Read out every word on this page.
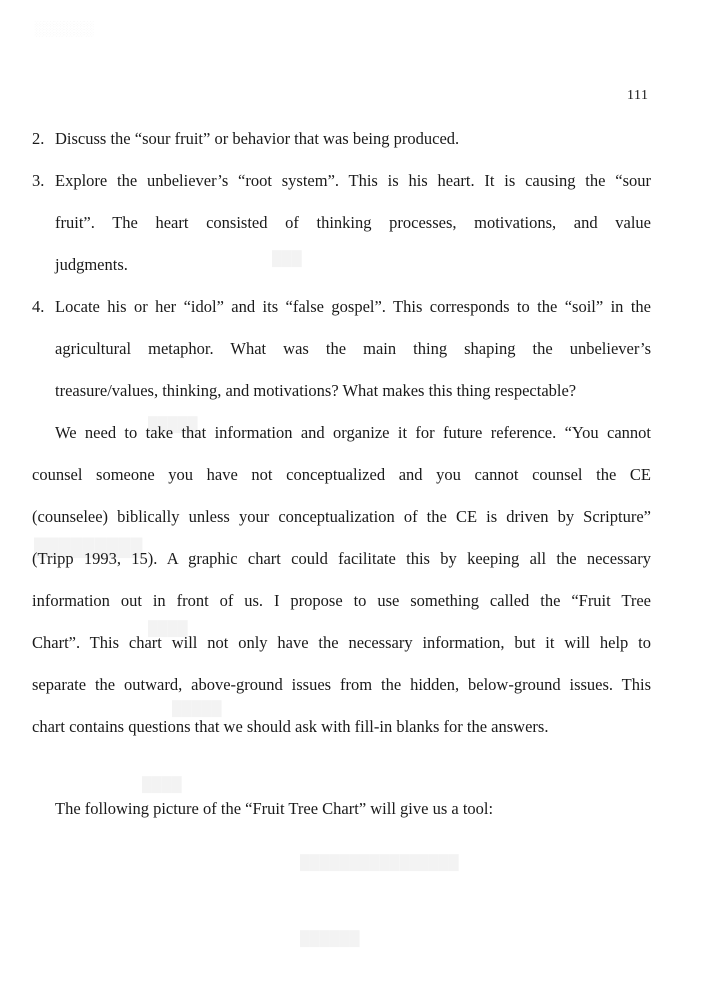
111
2. Discuss the “sour fruit” or behavior that was being produced.
3. Explore the unbeliever’s “root system”. This is his heart. It is causing the “sour
fruit”. The heart consisted of thinking processes, motivations, and value
judgments.
4. Locate his or her “idol” and its “false gospel”. This corresponds to the “soil” in the
agricultural metaphor. What was the main thing shaping the unbeliever’s
treasure/values, thinking, and motivations? What makes this thing respectable?
We need to take that information and organize it for future reference. “You cannot
counsel someone you have not conceptualized and you cannot counsel the CE
(counselee) biblically unless your conceptualization of the CE is driven by Scripture”
(Tripp 1993, 15). A graphic chart could facilitate this by keeping all the necessary
information out in front of us. I propose to use something called the “Fruit Tree
Chart”. This chart will not only have the necessary information, but it will help to
separate the outward, above-ground issues from the hidden, below-ground issues. This
chart contains questions that we should ask with fill-in blanks for the answers.
The following picture of the “Fruit Tree Chart” will give us a tool:
